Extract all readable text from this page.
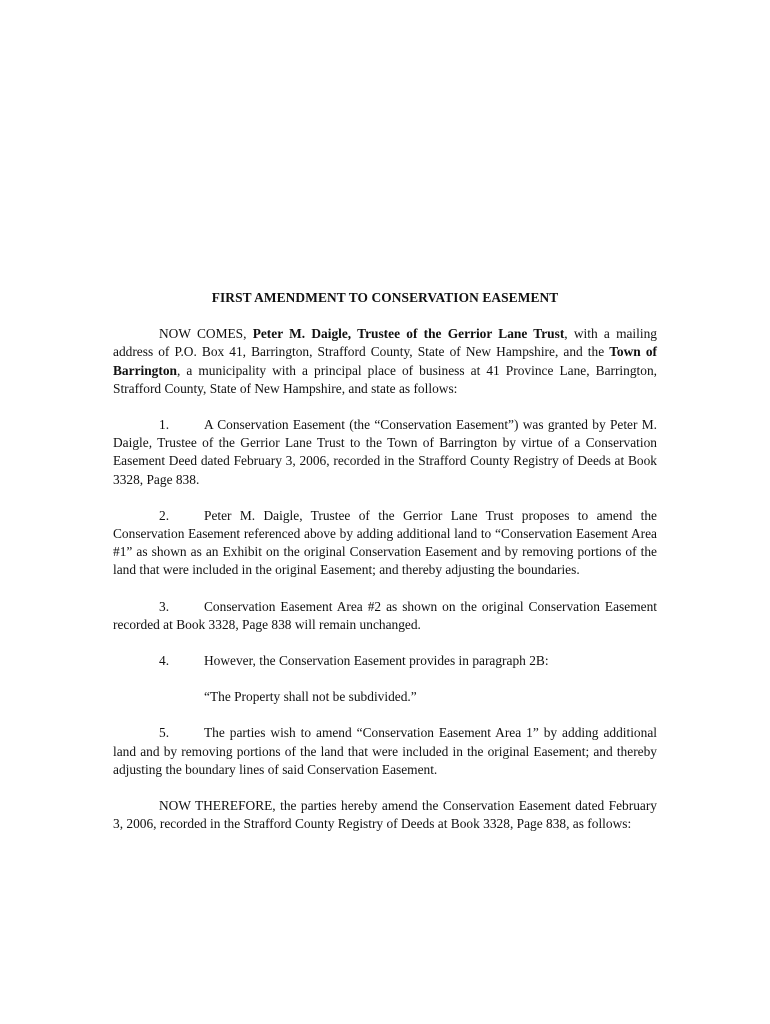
FIRST AMENDMENT TO CONSERVATION EASEMENT

NOW COMES, Peter M. Daigle, Trustee of the Gerrior Lane Trust, with a mailing address of P.O. Box 41, Barrington, Strafford County, State of New Hampshire, and the Town of Barrington, a municipality with a principal place of business at 41 Province Lane, Barrington, Strafford County, State of New Hampshire, and state as follows:

1.	A Conservation Easement (the “Conservation Easement”) was granted by Peter M. Daigle, Trustee of the Gerrior Lane Trust to the Town of Barrington by virtue of a Conservation Easement Deed dated February 3, 2006, recorded in the Strafford County Registry of Deeds at Book 3328, Page 838.

2.	Peter M. Daigle, Trustee of the Gerrior Lane Trust proposes to amend the Conservation Easement referenced above by adding additional land to “Conservation Easement Area #1” as shown as an Exhibit on the original Conservation Easement and by removing portions of the land that were included in the original Easement; and thereby adjusting the boundaries.

3.	Conservation Easement Area #2 as shown on the original Conservation Easement recorded at Book 3328, Page 838 will remain unchanged.

4.	However, the Conservation Easement provides in paragraph 2B:

“The Property shall not be subdivided.”

5.	The parties wish to amend “Conservation Easement Area 1” by adding additional land and by removing portions of the land that were included in the original Easement; and thereby adjusting the boundary lines of said Conservation Easement.

NOW THEREFORE, the parties hereby amend the Conservation Easement dated February 3, 2006, recorded in the Strafford County Registry of Deeds at Book 3328, Page 838, as follows:
